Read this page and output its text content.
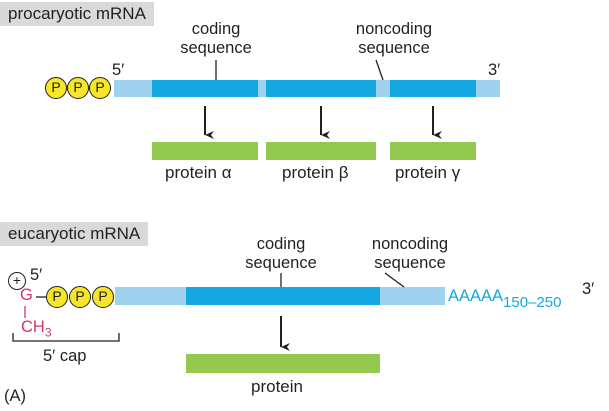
procaryotic mRNA
coding
sequence
noncoding
sequence
5′	3′
P P P
protein α	protein β	protein γ
eucaryotic mRNA
coding
sequence
noncoding
sequence
5′
+
G
$CH_3$
P P P	AAAAA150–250
3′
5′ cap
protein
(A)
